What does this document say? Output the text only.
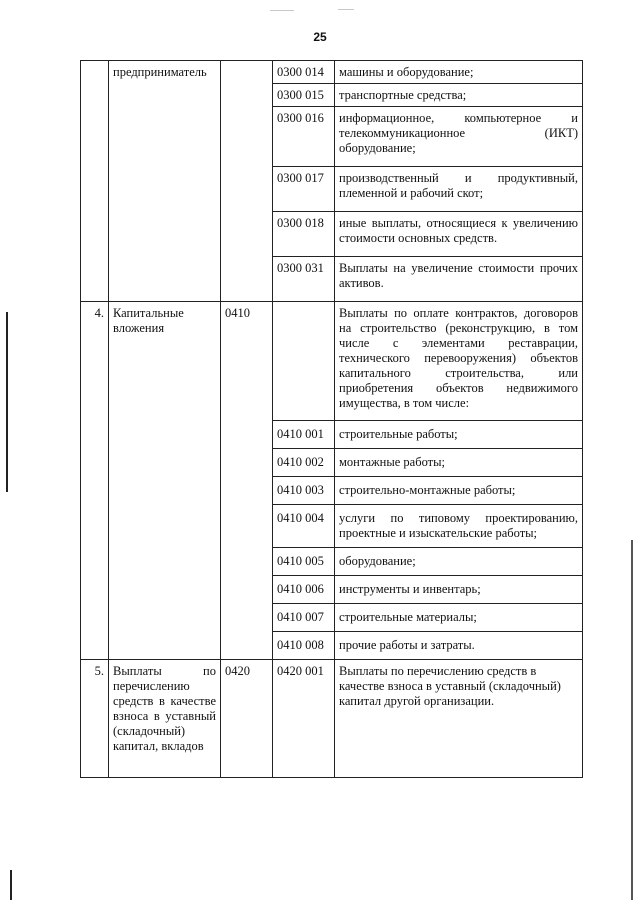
25
	предприниматель		0300 014	машины и оборудование;
			0300 015	транспортные средства;
			0300 016	информационное, компьютерное и телекоммуникационное (ИКТ) оборудование;
			0300 017	производственный и продуктивный, племенной и рабочий скот;
			0300 018	иные выплаты, относящиеся к увеличению стоимости основных средств.
			0300 031	Выплаты на увеличение стоимости прочих активов.
4.	Капитальные вложения	0410		Выплаты по оплате контрактов, договоров на строительство (реконструкцию, в том числе с элементами реставрации, технического перевооружения) объектов капитального строительства, или приобретения объектов недвижимого имущества, в том числе:
			0410 001	строительные работы;
			0410 002	монтажные работы;
			0410 003	строительно-монтажные работы;
			0410 004	услуги по типовому проектированию, проектные и изыскательские работы;
			0410 005	оборудование;
			0410 006	инструменты и инвентарь;
			0410 007	строительные материалы;
			0410 008	прочие работы и затраты.
5.	Выплаты по перечислению средств в качестве взноса в уставный (складочный) капитал, вкладов	0420	0420 001	Выплаты по перечислению средств в качестве взноса в уставный (складочный) капитал другой организации.
